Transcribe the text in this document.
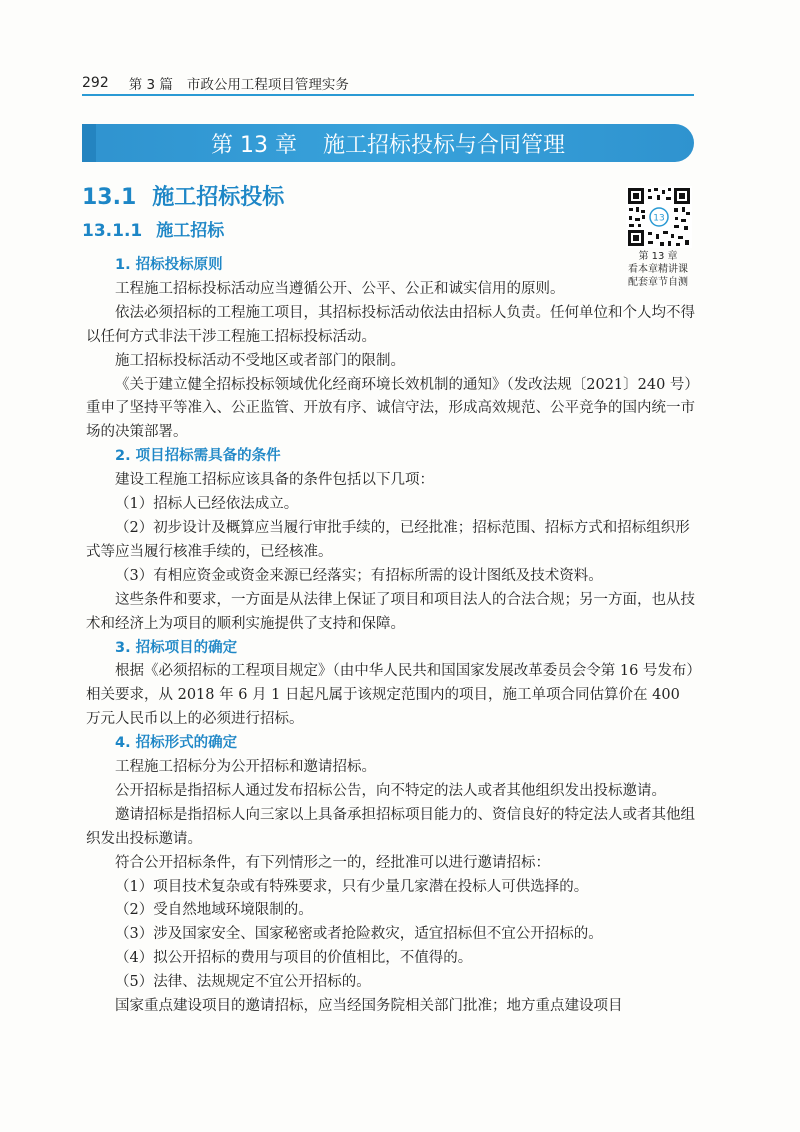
292 第 3 篇 市政公用工程项目管理实务
第 13 章 施工招标投标与合同管理
13.1 施工招标投标
13.1.1 施工招标
13
第 13 章
看本章精讲课
配套章节自测
1. 招标投标原则

工程施工招标投标活动应当遵循公开、公平、公正和诚实信用的原则。

依法必须招标的工程施工项目，其招标投标活动依法由招标人负责。任何单位和个人均不得以任何方式非法干涉工程施工招标投标活动。

施工招标投标活动不受地区或者部门的限制。

《关于建立健全招标投标领域优化经商环境长效机制的通知》（发改法规〔2021〕240 号）重申了坚持平等准入、公正监管、开放有序、诚信守法，形成高效规范、公平竞争的国内统一市场的决策部署。

2. 项目招标需具备的条件

建设工程施工招标应该具备的条件包括以下几项：

（1）招标人已经依法成立。

（2）初步设计及概算应当履行审批手续的，已经批准；招标范围、招标方式和招标组织形式等应当履行核准手续的，已经核准。

（3）有相应资金或资金来源已经落实；有招标所需的设计图纸及技术资料。

这些条件和要求，一方面是从法律上保证了项目和项目法人的合法合规；另一方面，也从技术和经济上为项目的顺利实施提供了支持和保障。

3. 招标项目的确定

根据《必须招标的工程项目规定》（由中华人民共和国国家发展改革委员会令第 16 号发布）相关要求，从 2018 年 6 月 1 日起凡属于该规定范围内的项目，施工单项合同估算价在 400 万元人民币以上的必须进行招标。

4. 招标形式的确定

工程施工招标分为公开招标和邀请招标。

公开招标是指招标人通过发布招标公告，向不特定的法人或者其他组织发出投标邀请。

邀请招标是指招标人向三家以上具备承担招标项目能力的、资信良好的特定法人或者其他组织发出投标邀请。

符合公开招标条件，有下列情形之一的，经批准可以进行邀请招标：

（1）项目技术复杂或有特殊要求，只有少量几家潜在投标人可供选择的。

（2）受自然地域环境限制的。

（3）涉及国家安全、国家秘密或者抢险救灾，适宜招标但不宜公开招标的。

（4）拟公开招标的费用与项目的价值相比，不值得的。

（5）法律、法规规定不宜公开招标的。

国家重点建设项目的邀请招标，应当经国务院相关部门批准；地方重点建设项目
